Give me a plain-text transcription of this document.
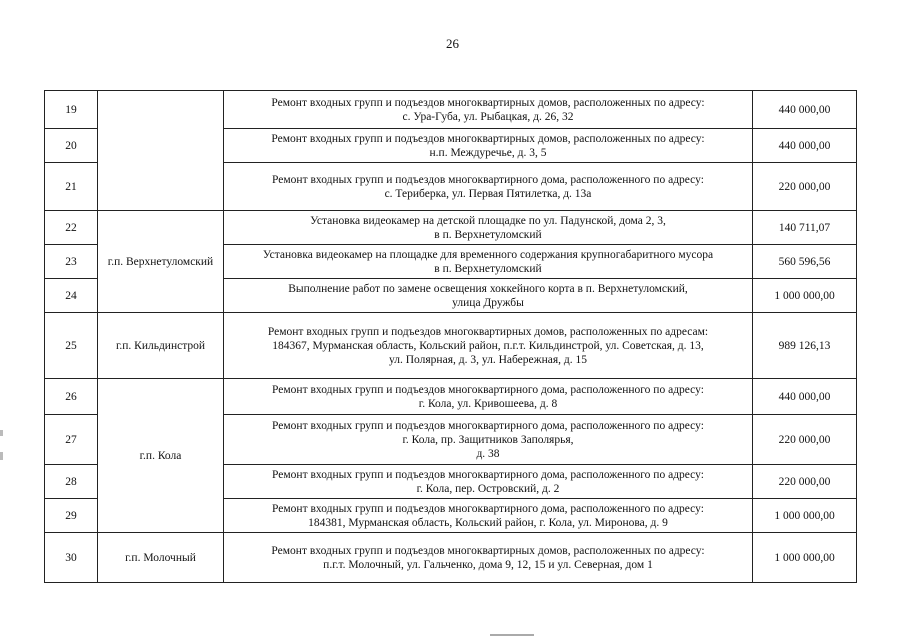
26
19		Ремонт входных групп и подъездов многоквартирных домов, расположенных по адресу:
с. Ура-Губа, ул. Рыбацкая, д. 26, 32	440 000,00
20		Ремонт входных групп и подъездов многоквартирных домов, расположенных по адресу:
н.п. Междуречье, д. 3, 5	440 000,00
21		Ремонт входных групп и подъездов многоквартирного дома, расположенного по адресу:
с. Териберка, ул. Первая Пятилетка, д. 13а	220 000,00
22	г.п. Верхнетуломский	Установка видеокамер на детской площадке по ул. Падунской, дома 2, 3,
в п. Верхнетуломский	140 711,07
23		Установка видеокамер на площадке для временного содержания крупногабаритного мусора
в п. Верхнетуломский	560 596,56
24		Выполнение работ по замене освещения хоккейного корта в п. Верхнетуломский,
улица Дружбы	1 000 000,00
25	г.п. Кильдинстрой	Ремонт входных групп и подъездов многоквартирных домов, расположенных по адресам:
184367, Мурманская область, Кольский район, п.г.т. Кильдинстрой, ул. Советская, д. 13,
ул. Полярная, д. 3, ул. Набережная, д. 15	989 126,13
26	г.п. Кола	Ремонт входных групп и подъездов многоквартирного дома, расположенного по адресу:
г. Кола, ул. Кривошеева, д. 8	440 000,00
27		Ремонт входных групп и подъездов многоквартирного дома, расположенного по адресу:
г. Кола, пр. Защитников Заполярья,
д. 38	220 000,00
28		Ремонт входных групп и подъездов многоквартирного дома, расположенного по адресу:
г. Кола, пер. Островский, д. 2	220 000,00
29		Ремонт входных групп и подъездов многоквартирного дома, расположенного по адресу:
184381, Мурманская область, Кольский район, г. Кола, ул. Миронова, д. 9	1 000 000,00
30	г.п. Молочный	Ремонт входных групп и подъездов многоквартирных домов, расположенных по адресу:
п.г.т. Молочный, ул. Гальченко, дома 9, 12, 15 и ул. Северная, дом 1	1 000 000,00
